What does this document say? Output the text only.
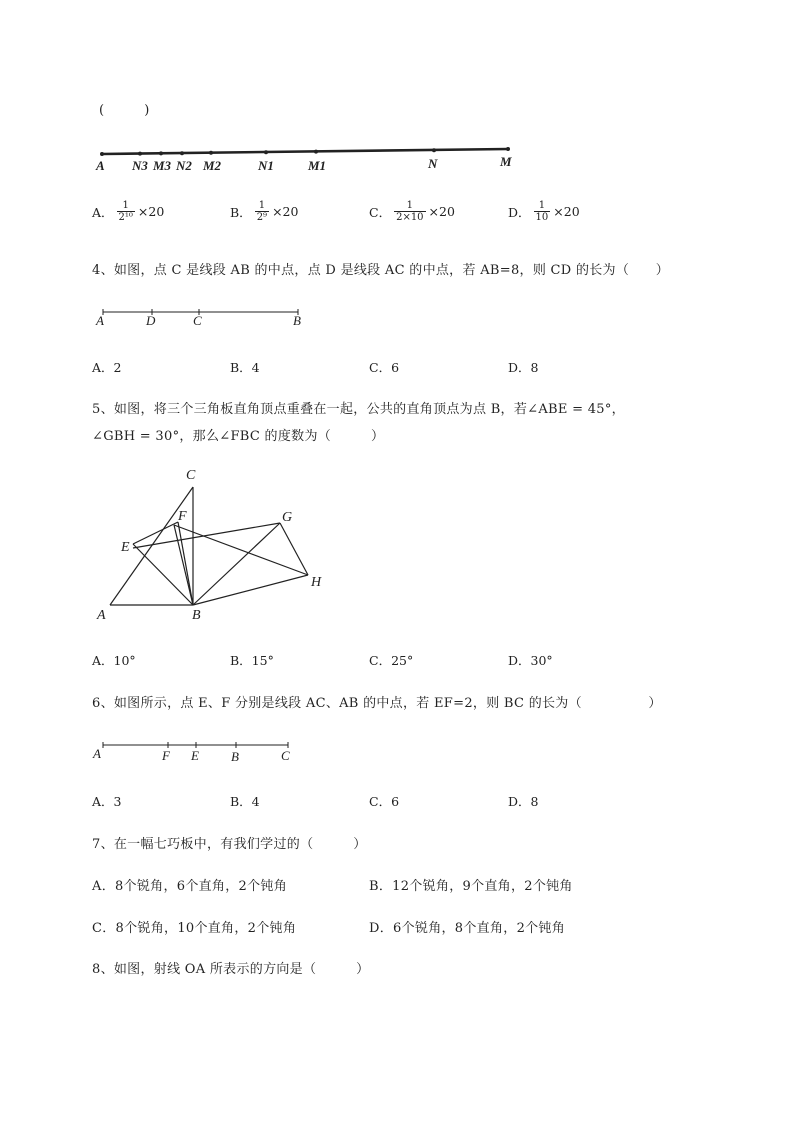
(　　　)
A N3 M3 N2 M2	N1	M1	N	M
A． $\frac{1}{\text{2¹⁰}} \times 20$	B． $\frac{1}{\text{2⁹}} \times 20$	C． $\frac{1}{2\times 10} \times 20$	D． $\frac{1}{10} \times 20$
4、如图，点 C 是线段 AB 的中点，点 D 是线段 AC 的中点，若 AB=8，则 CD 的长为（　　）
A	D	C	B
A．2	B．4	C．6	D．8
5、如图，将三个三角板直角顶点重叠在一起，公共的直角顶点为点 B，若∠ABE = 45°，
∠GBH = 30°，那么∠FBC 的度数为（　　　）
C
F	G
E
H
A	B
A．10°	B．15°	C．25°	D．30°
6、如图所示，点 E、F 分别是线段 AC、AB 的中点，若 EF=2，则 BC 的长为（　　　　　）
A	F E B	C
A．3	B．4	C．6	D．8
7、在一幅七巧板中，有我们学过的（　　　）
A．8个锐角，6个直角，2个钝角	B．12个锐角，9个直角，2个钝角
C．8个锐角，10个直角，2个钝角	D．6个锐角，8个直角，2个钝角
8、如图，射线 OA 所表示的方向是（　　　）
